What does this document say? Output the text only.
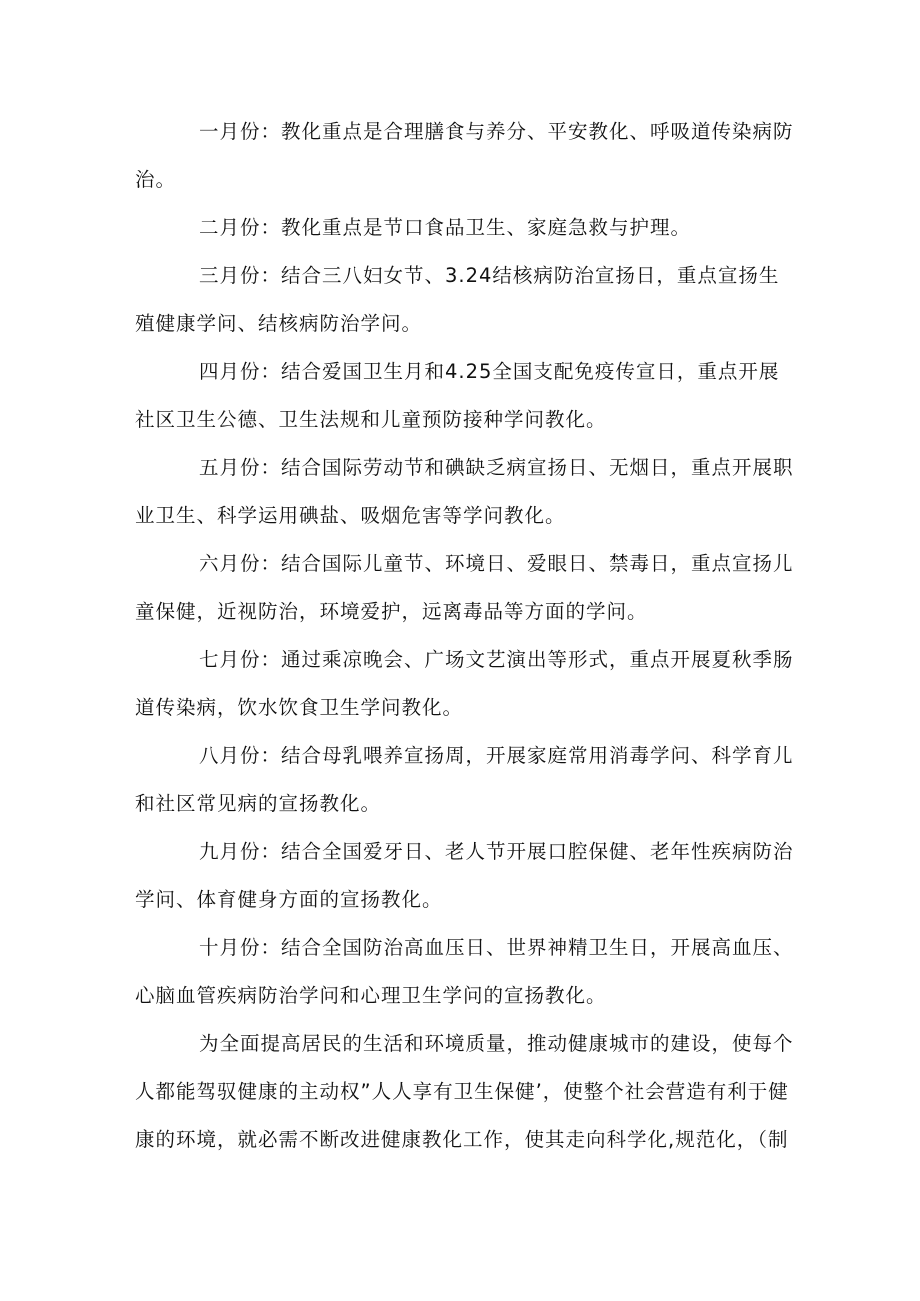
一月份：教化重点是合理膳食与养分、平安教化、呼吸道传染病防治。

二月份：教化重点是节口食品卫生、家庭急救与护理。

三月份：结合三八妇女节、3.24结核病防治宣扬日，重点宣扬生殖健康学问、结核病防治学问。

四月份：结合爱国卫生月和4.25全国支配免疫传宣日，重点开展社区卫生公德、卫生法规和儿童预防接种学问教化。

五月份：结合国际劳动节和碘缺乏病宣扬日、无烟日，重点开展职业卫生、科学运用碘盐、吸烟危害等学问教化。

六月份：结合国际儿童节、环境日、爱眼日、禁毒日，重点宣扬儿童保健，近视防治，环境爱护，远离毒品等方面的学问。

七月份：通过乘凉晚会、广场文艺演出等形式，重点开展夏秋季肠道传染病，饮水饮食卫生学问教化。

八月份：结合母乳喂养宣扬周，开展家庭常用消毒学问、科学育儿和社区常见病的宣扬教化。

九月份：结合全国爱牙日、老人节开展口腔保健、老年性疾病防治学问、体育健身方面的宣扬教化。

十月份：结合全国防治高血压日、世界神精卫生日，开展高血压、心脑血管疾病防治学问和心理卫生学问的宣扬教化。

为全面提高居民的生活和环境质量，推动健康城市的建设，使每个人都能驾驭健康的主动权”人人享有卫生保健’，使整个社会营造有利于健康的环境，就必需不断改进健康教化工作，使其走向科学化,规范化，（制
